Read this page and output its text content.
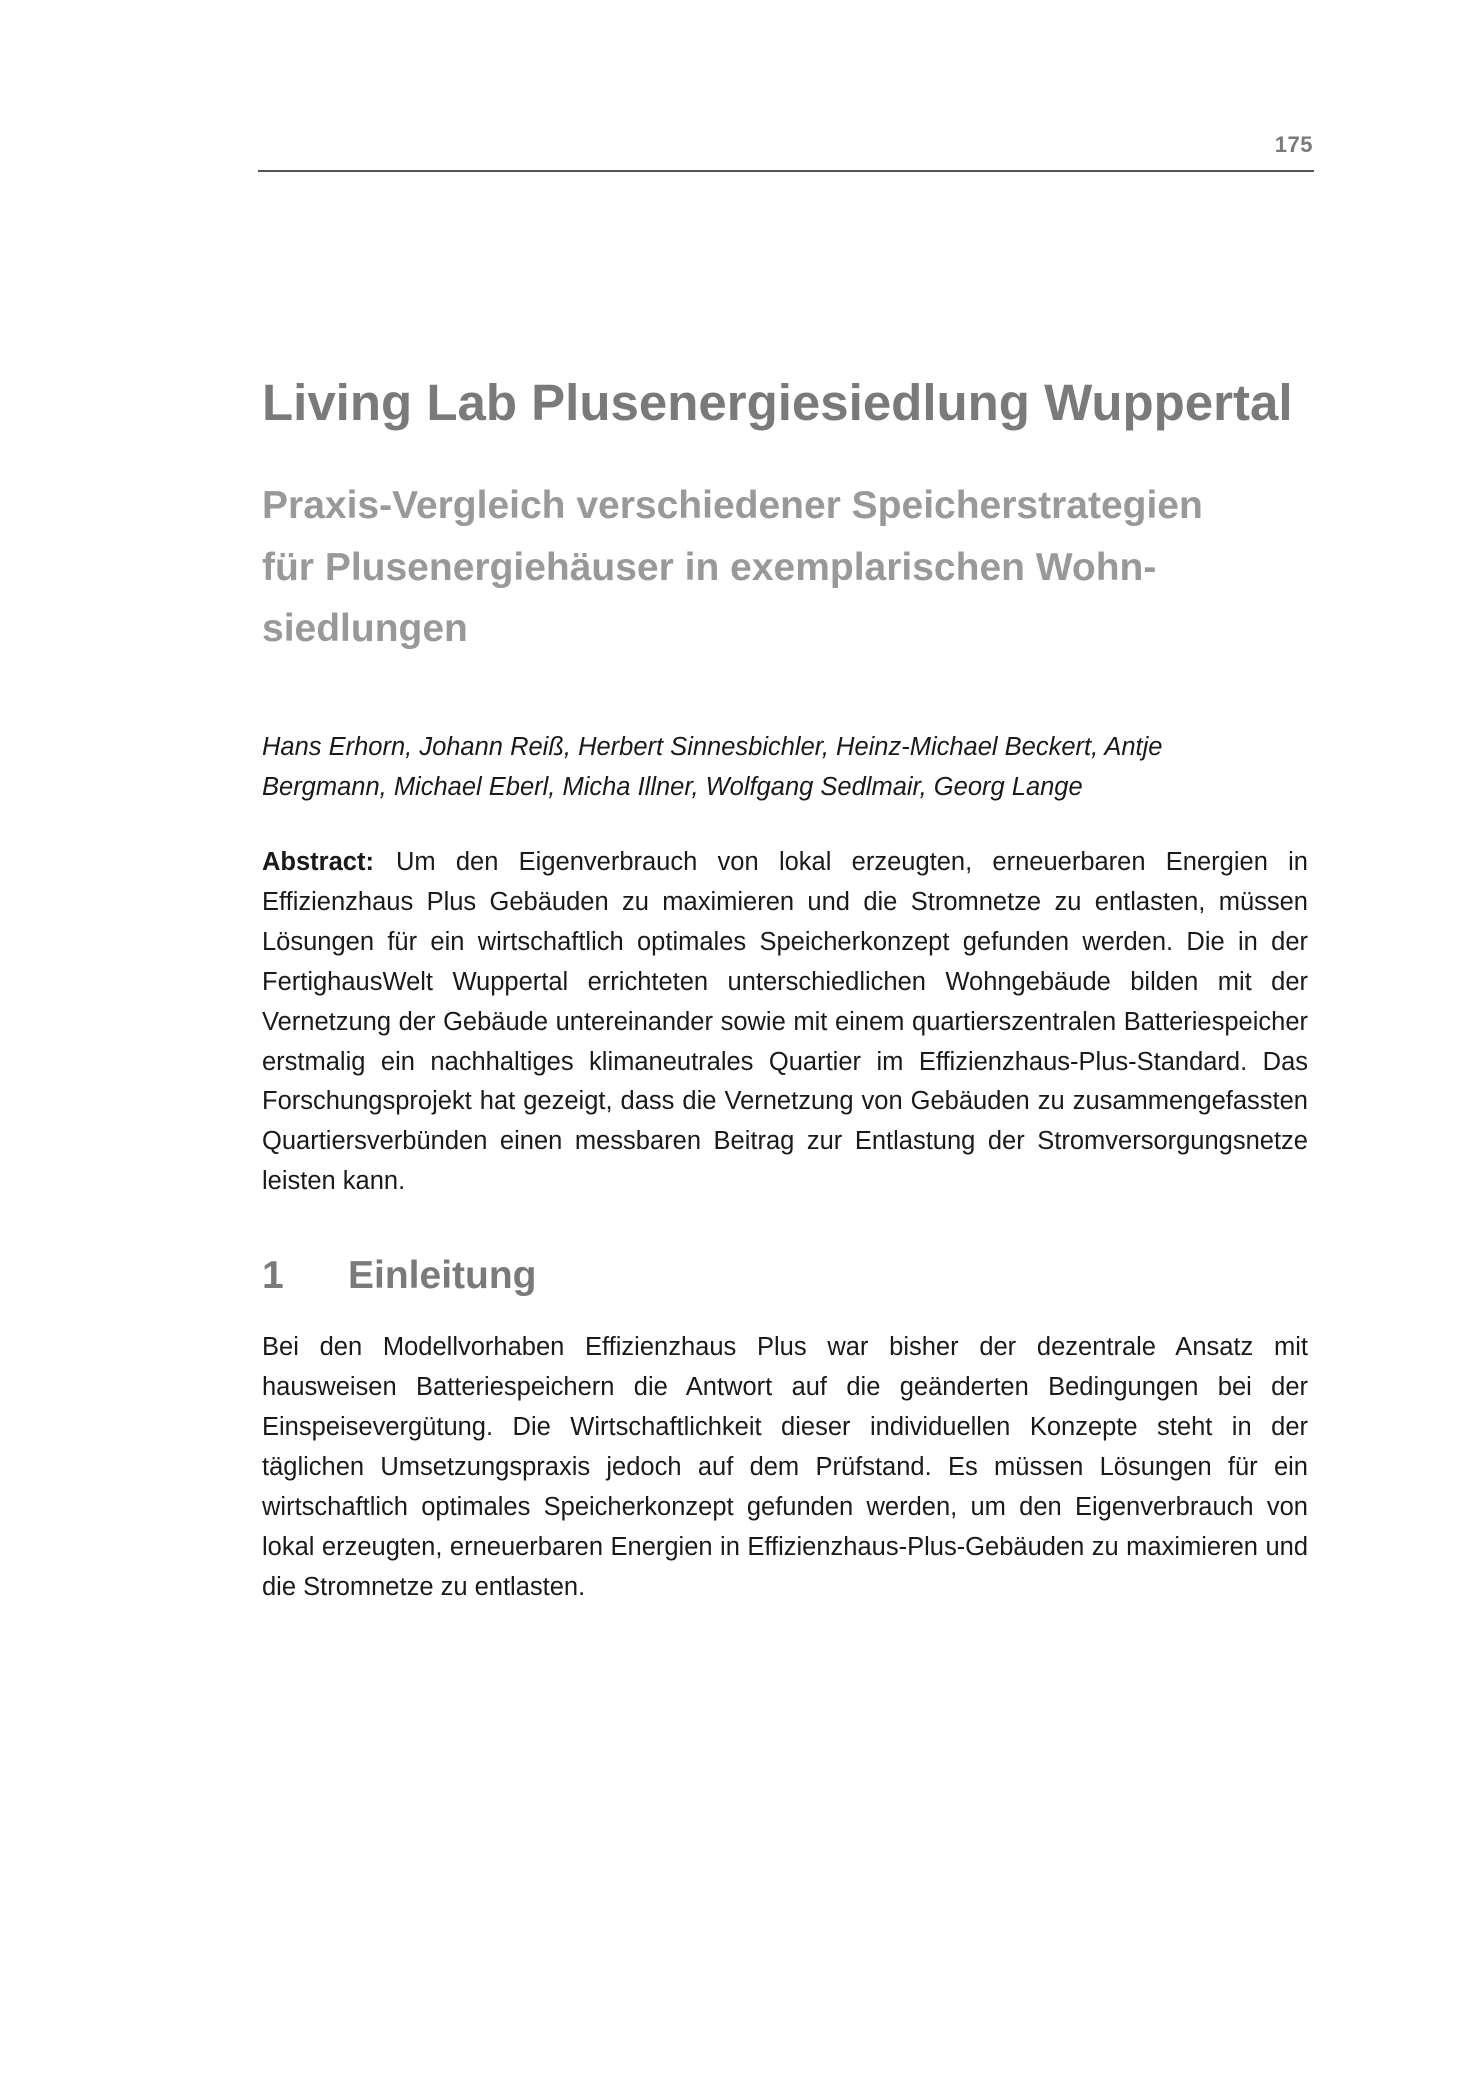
175
Living Lab Plusenergiesiedlung Wuppertal
Praxis-Vergleich verschiedener Speicherstrategien
für Plusenergiehäuser in exemplarischen Wohn-
siedlungen
Hans Erhorn, Johann Reiß, Herbert Sinnesbichler, Heinz-Michael Beckert, Antje
Bergmann, Michael Eberl, Micha Illner, Wolfgang Sedlmair, Georg Lange

Abstract: Um den Eigenverbrauch von lokal erzeugten, erneuerbaren Energien in Effizienzhaus Plus Gebäuden zu maximieren und die Stromnetze zu entlasten, müssen Lösungen für ein wirtschaftlich optimales Speicherkonzept gefunden werden. Die in der FertighausWelt Wuppertal errichteten unterschiedlichen Wohngebäude bilden mit der Vernetzung der Gebäude untereinander sowie mit einem quartierszentralen Batteriespeicher erstmalig ein nachhaltiges klimaneutrales Quartier im Effizienzhaus-Plus-Standard. Das Forschungsprojekt hat gezeigt, dass die Vernetzung von Gebäuden zu zusammengefassten Quartiersverbünden einen messbaren Beitrag zur Entlastung der Stromversorgungsnetze leisten kann.

1	Einleitung

Bei den Modellvorhaben Effizienzhaus Plus war bisher der dezentrale Ansatz mit hausweisen Batteriespeichern die Antwort auf die geänderten Bedingungen bei der Einspeisevergütung. Die Wirtschaftlichkeit dieser individuellen Konzepte steht in der täglichen Umsetzungspraxis jedoch auf dem Prüfstand. Es müssen Lösungen für ein wirtschaftlich optimales Speicherkonzept gefunden werden, um den Eigenverbrauch von lokal erzeugten, erneuerbaren Energien in Effizienzhaus-Plus-Gebäuden zu maximieren und die Stromnetze zu entlasten.
